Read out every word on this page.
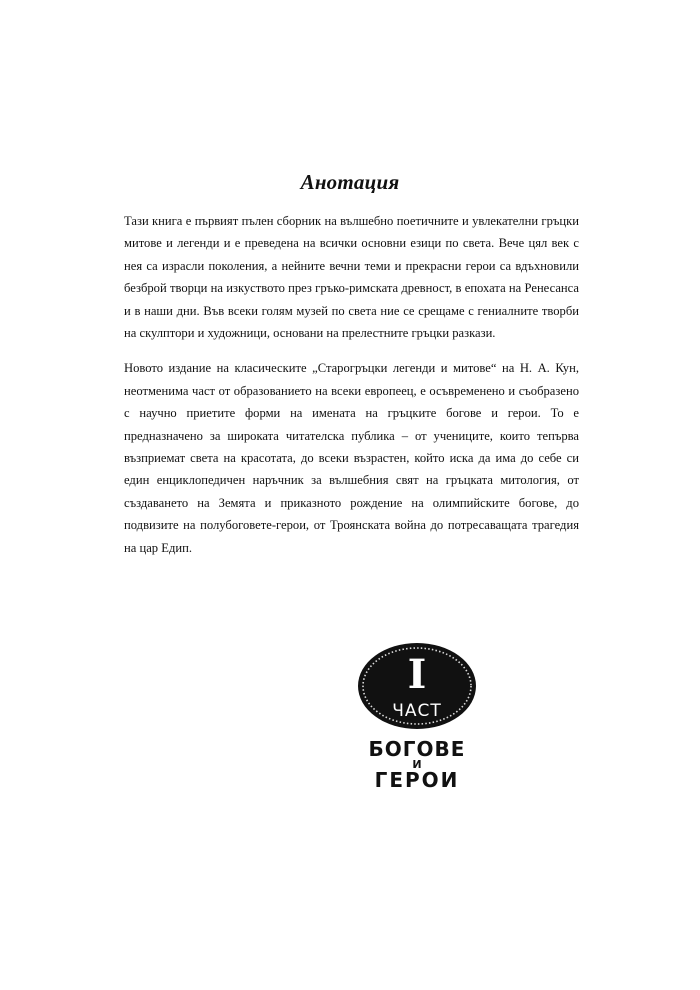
Анотация

Тази книга е първият пълен сборник на вълшебно поетичните и увлекателни гръцки митове и легенди и е преведена на всички основни езици по света. Вече цял век с нея са израсли поколения, а нейните вечни теми и прекрасни герои са вдъхновили безброй творци на изкуството през гръко-римската древност, в епохата на Ренесанса и в наши дни. Във всеки голям музей по света ние се срещаме с гениалните творби на скулптори и художници, основани на прелестните гръцки разкази.

Новото издание на класическите „Старогръцки легенди и митове“ на Н. А. Кун, неотменима част от образованието на всеки европеец, е осъвременено и съобразено с научно приетите форми на имената на гръцките богове и герои. То е предназначено за широката читателска публика – от учениците, които тепърва възприемат света на красотата, до всеки възрастен, който иска да има до себе си един енциклопедичен наръчник за вълшебния свят на гръцката митология, от създаването на Земята и приказното рождение на олимпийските богове, до подвизите на полубоговете-герои, от Троянската война до потресаващата трагедия на цар Едип.

I
ЧАСТ
БОГОВЕ
И
ГЕРОИ
